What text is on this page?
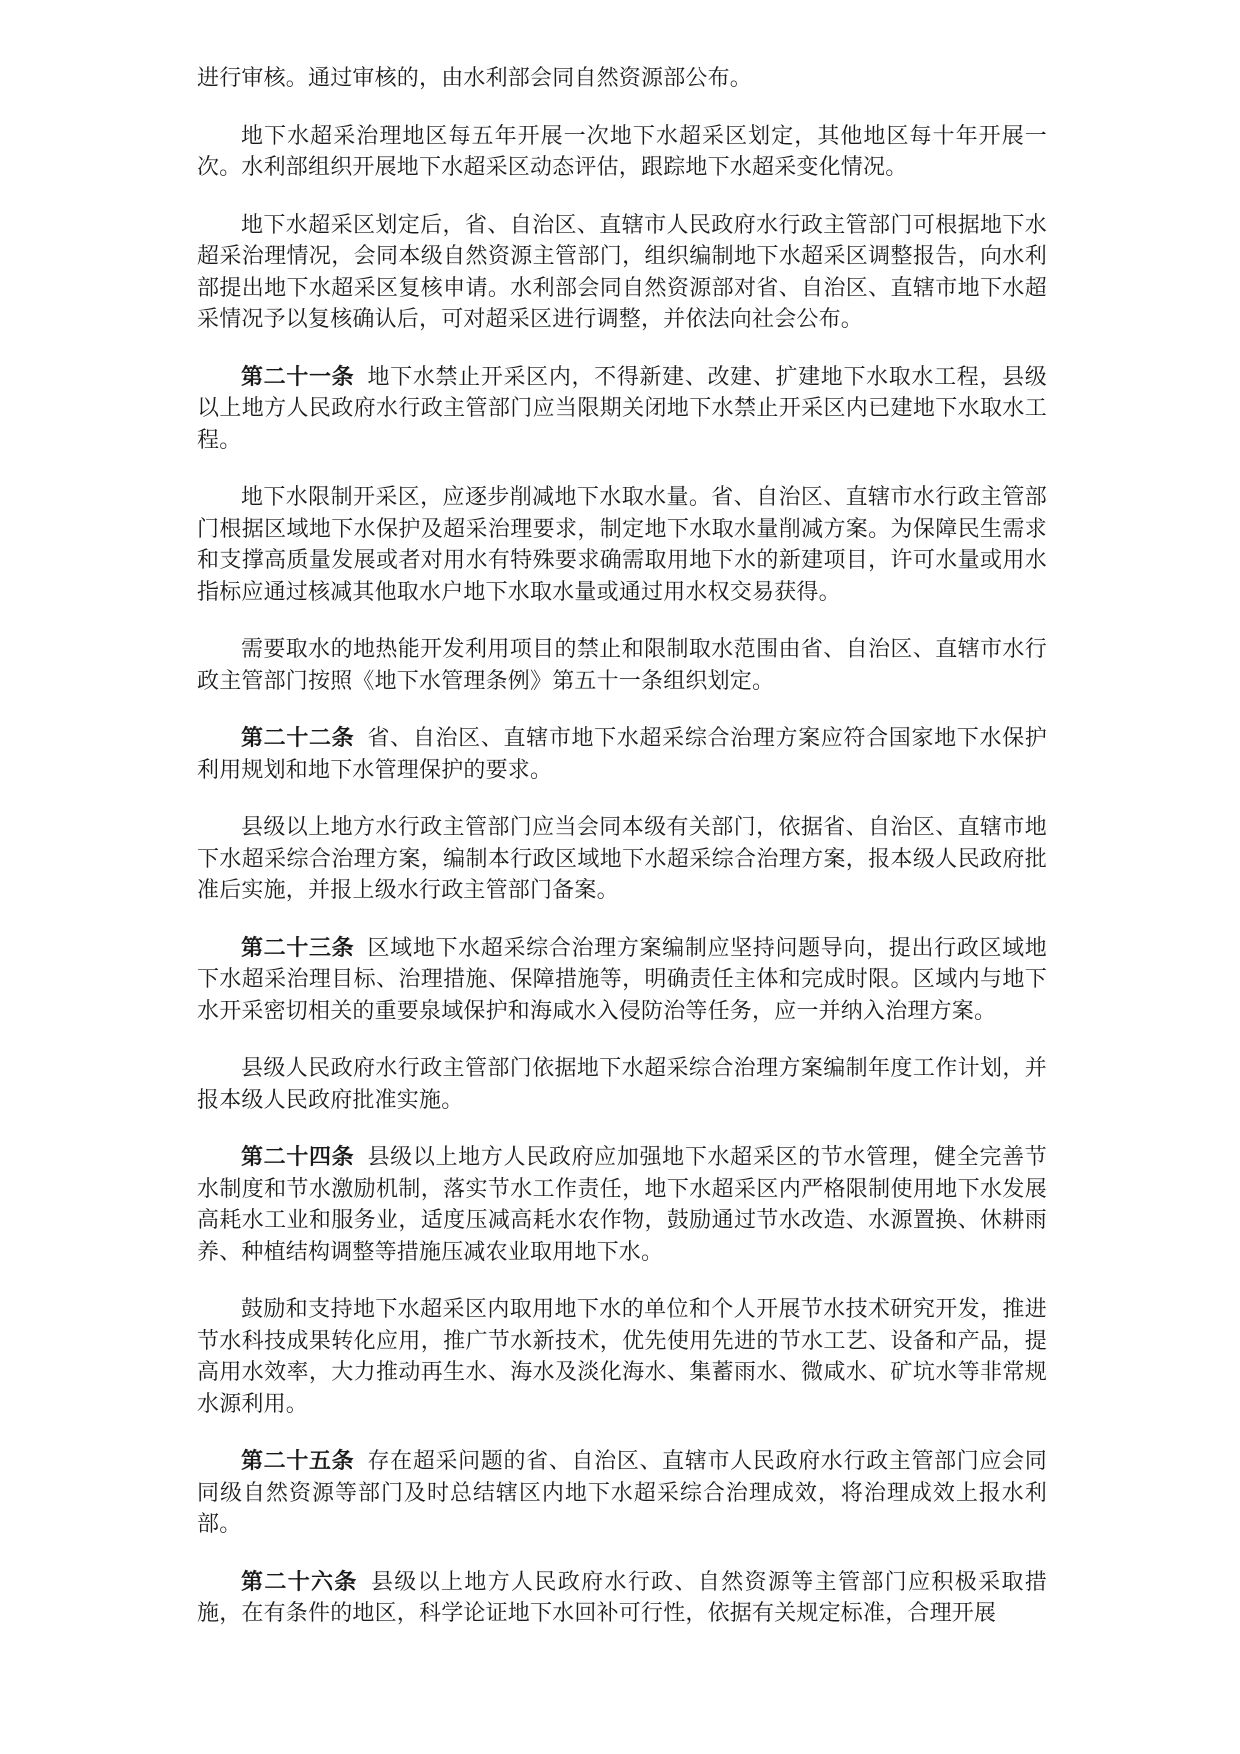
进行审核。通过审核的，由水利部会同自然资源部公布。

地下水超采治理地区每五年开展一次地下水超采区划定，其他地区每十年开展一次。水利部组织开展地下水超采区动态评估，跟踪地下水超采变化情况。

地下水超采区划定后，省、自治区、直辖市人民政府水行政主管部门可根据地下水超采治理情况，会同本级自然资源主管部门，组织编制地下水超采区调整报告，向水利部提出地下水超采区复核申请。水利部会同自然资源部对省、自治区、直辖市地下水超采情况予以复核确认后，可对超采区进行调整，并依法向社会公布。

第二十一条 地下水禁止开采区内，不得新建、改建、扩建地下水取水工程，县级以上地方人民政府水行政主管部门应当限期关闭地下水禁止开采区内已建地下水取水工程。

地下水限制开采区，应逐步削减地下水取水量。省、自治区、直辖市水行政主管部门根据区域地下水保护及超采治理要求，制定地下水取水量削减方案。为保障民生需求和支撑高质量发展或者对用水有特殊要求确需取用地下水的新建项目，许可水量或用水指标应通过核减其他取水户地下水取水量或通过用水权交易获得。

需要取水的地热能开发利用项目的禁止和限制取水范围由省、自治区、直辖市水行政主管部门按照《地下水管理条例》第五十一条组织划定。

第二十二条 省、自治区、直辖市地下水超采综合治理方案应符合国家地下水保护利用规划和地下水管理保护的要求。

县级以上地方水行政主管部门应当会同本级有关部门，依据省、自治区、直辖市地下水超采综合治理方案，编制本行政区域地下水超采综合治理方案，报本级人民政府批准后实施，并报上级水行政主管部门备案。

第二十三条 区域地下水超采综合治理方案编制应坚持问题导向，提出行政区域地下水超采治理目标、治理措施、保障措施等，明确责任主体和完成时限。区域内与地下水开采密切相关的重要泉域保护和海咸水入侵防治等任务，应一并纳入治理方案。

县级人民政府水行政主管部门依据地下水超采综合治理方案编制年度工作计划，并报本级人民政府批准实施。

第二十四条 县级以上地方人民政府应加强地下水超采区的节水管理，健全完善节水制度和节水激励机制，落实节水工作责任，地下水超采区内严格限制使用地下水发展高耗水工业和服务业，适度压减高耗水农作物，鼓励通过节水改造、水源置换、休耕雨养、种植结构调整等措施压减农业取用地下水。

鼓励和支持地下水超采区内取用地下水的单位和个人开展节水技术研究开发，推进节水科技成果转化应用，推广节水新技术，优先使用先进的节水工艺、设备和产品，提高用水效率，大力推动再生水、海水及淡化海水、集蓄雨水、微咸水、矿坑水等非常规水源利用。

第二十五条 存在超采问题的省、自治区、直辖市人民政府水行政主管部门应会同同级自然资源等部门及时总结辖区内地下水超采综合治理成效，将治理成效上报水利部。

第二十六条 县级以上地方人民政府水行政、自然资源等主管部门应积极采取措施，在有条件的地区，科学论证地下水回补可行性，依据有关规定标准，合理开展
